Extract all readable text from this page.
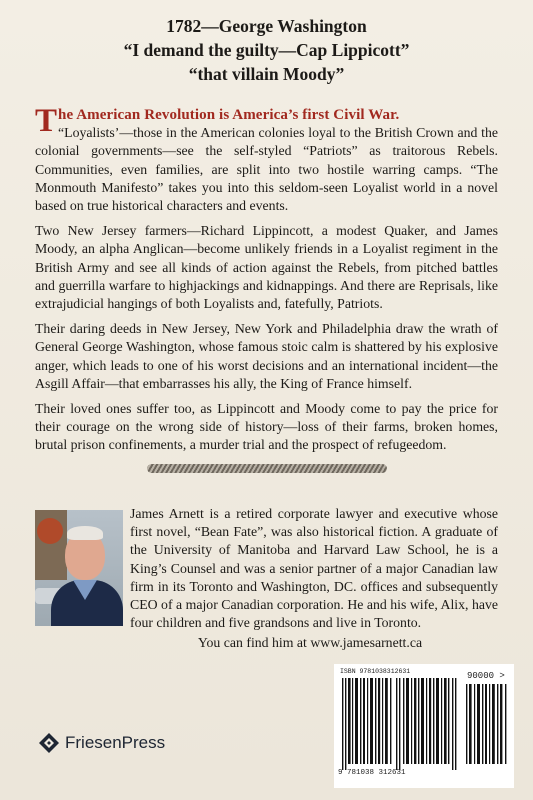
1782—George Washington
“I demand the guilty—Cap Lippicott”
“that villain Moody”

The American Revolution is America’s first Civil War.
“Loyalists’—those in the American colonies loyal to the British Crown and the colonial governments—see the self-styled “Patriots” as traitorous Rebels. Communities, even families, are split into two hostile warring camps. “The Monmouth Manifesto” takes you into this seldom-seen Loyalist world in a novel based on true historical characters and events.

Two New Jersey farmers—Richard Lippincott, a modest Quaker, and James Moody, an alpha Anglican—become unlikely friends in a Loyalist regiment in the British Army and see all kinds of action against the Rebels, from pitched battles and guerrilla warfare to highjackings and kidnappings. And there are Reprisals, like extrajudicial hangings of both Loyalists and, fatefully, Patriots.

Their daring deeds in New Jersey, New York and Philadelphia draw the wrath of General George Washington, whose famous stoic calm is shattered by his explosive anger, which leads to one of his worst decisions and an international incident—the Asgill Affair—that embarrasses his ally, the King of France himself.

Their loved ones suffer too, as Lippincott and Moody come to pay the price for their courage on the wrong side of history—loss of their farms, broken homes, brutal prison confinements, a murder trial and the prospect of refugeedom.

James Arnett is a retired corporate lawyer and executive whose first novel, “Bean Fate”, was also historical fiction. A graduate of the University of Manitoba and Harvard Law School, he is a King’s Counsel and was a senior partner of a major Canadian law firm in its Toronto and Washington, DC. offices and subsequently CEO of a major Canadian corporation. He and his wife, Alix, have four children and five grandsons and live in Toronto.

You can find him at www.jamesarnett.ca
FriesenPress
ISBN 9781038312631	90000 >
9 781038 312631
